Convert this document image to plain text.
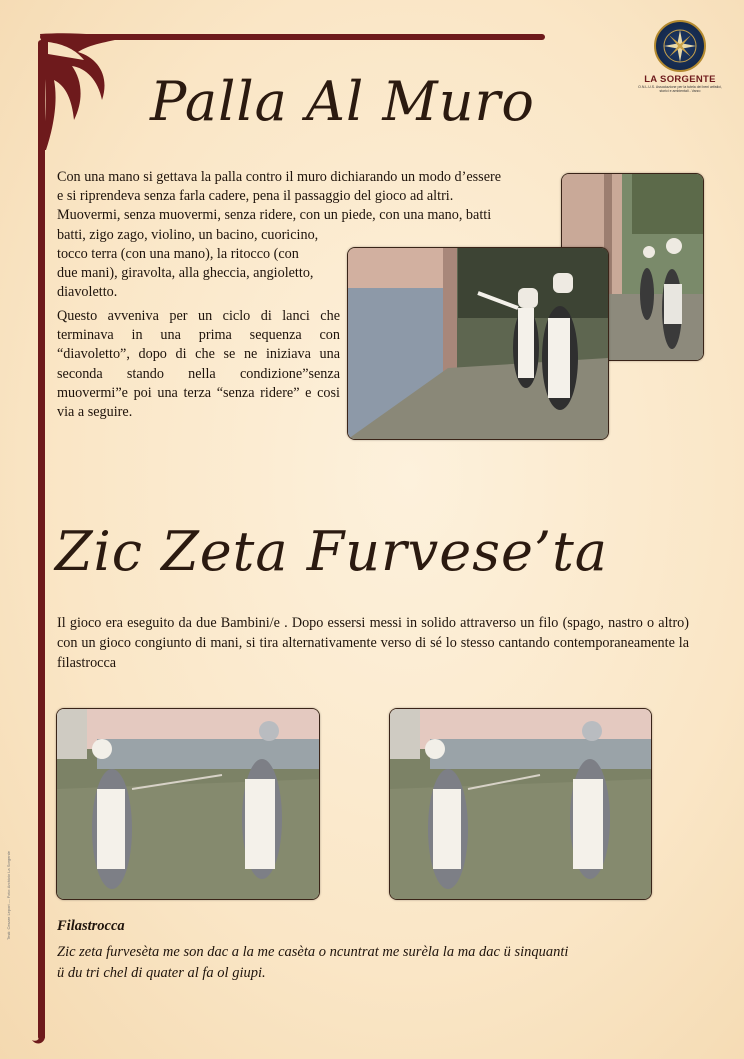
LA SORGENTE
O.N.L.U.S. Associazione per la tutela dei beni artistici, storici e ambientali - Varzo
Palla Al Muro
Con una mano si gettava la palla contro il muro dichiarando un modo d’essere
e si riprendeva senza farla cadere, pena il passaggio del gioco ad altri.
Muovermi, senza muovermi, senza ridere, con un piede, con una mano, batti
batti, zigo zago, violino, un bacino, cuoricino,
tocco terra (con una mano), la ritocco (con
due mani), giravolta, alla gheccia, angioletto,
diavoletto.
Questo avveniva per un ciclo di lanci che terminava in una prima sequenza con “diavoletto”, dopo di che se ne iniziava una seconda stando nella condizione”senza muovermi”e poi una terza “senza ridere” e cosi via a seguire.
Zic Zeta Furvese’ta
Il gioco era eseguito da due Bambini/e . Dopo essersi messi in solido attraverso un filo (spago, nastro o altro) con un gioco congiunto di mani, si tira alternativamente verso di sé lo stesso cantando contemporaneamente la filastrocca
Filastrocca
Zic zeta furvesèta me son dac a la me casèta o ncuntrat me surèla la ma dac ü sinquanti
ü du tri chel di quater al fa ol giupi.
Testi: Cesare Lepori — Foto: Archivio La Sorgente
